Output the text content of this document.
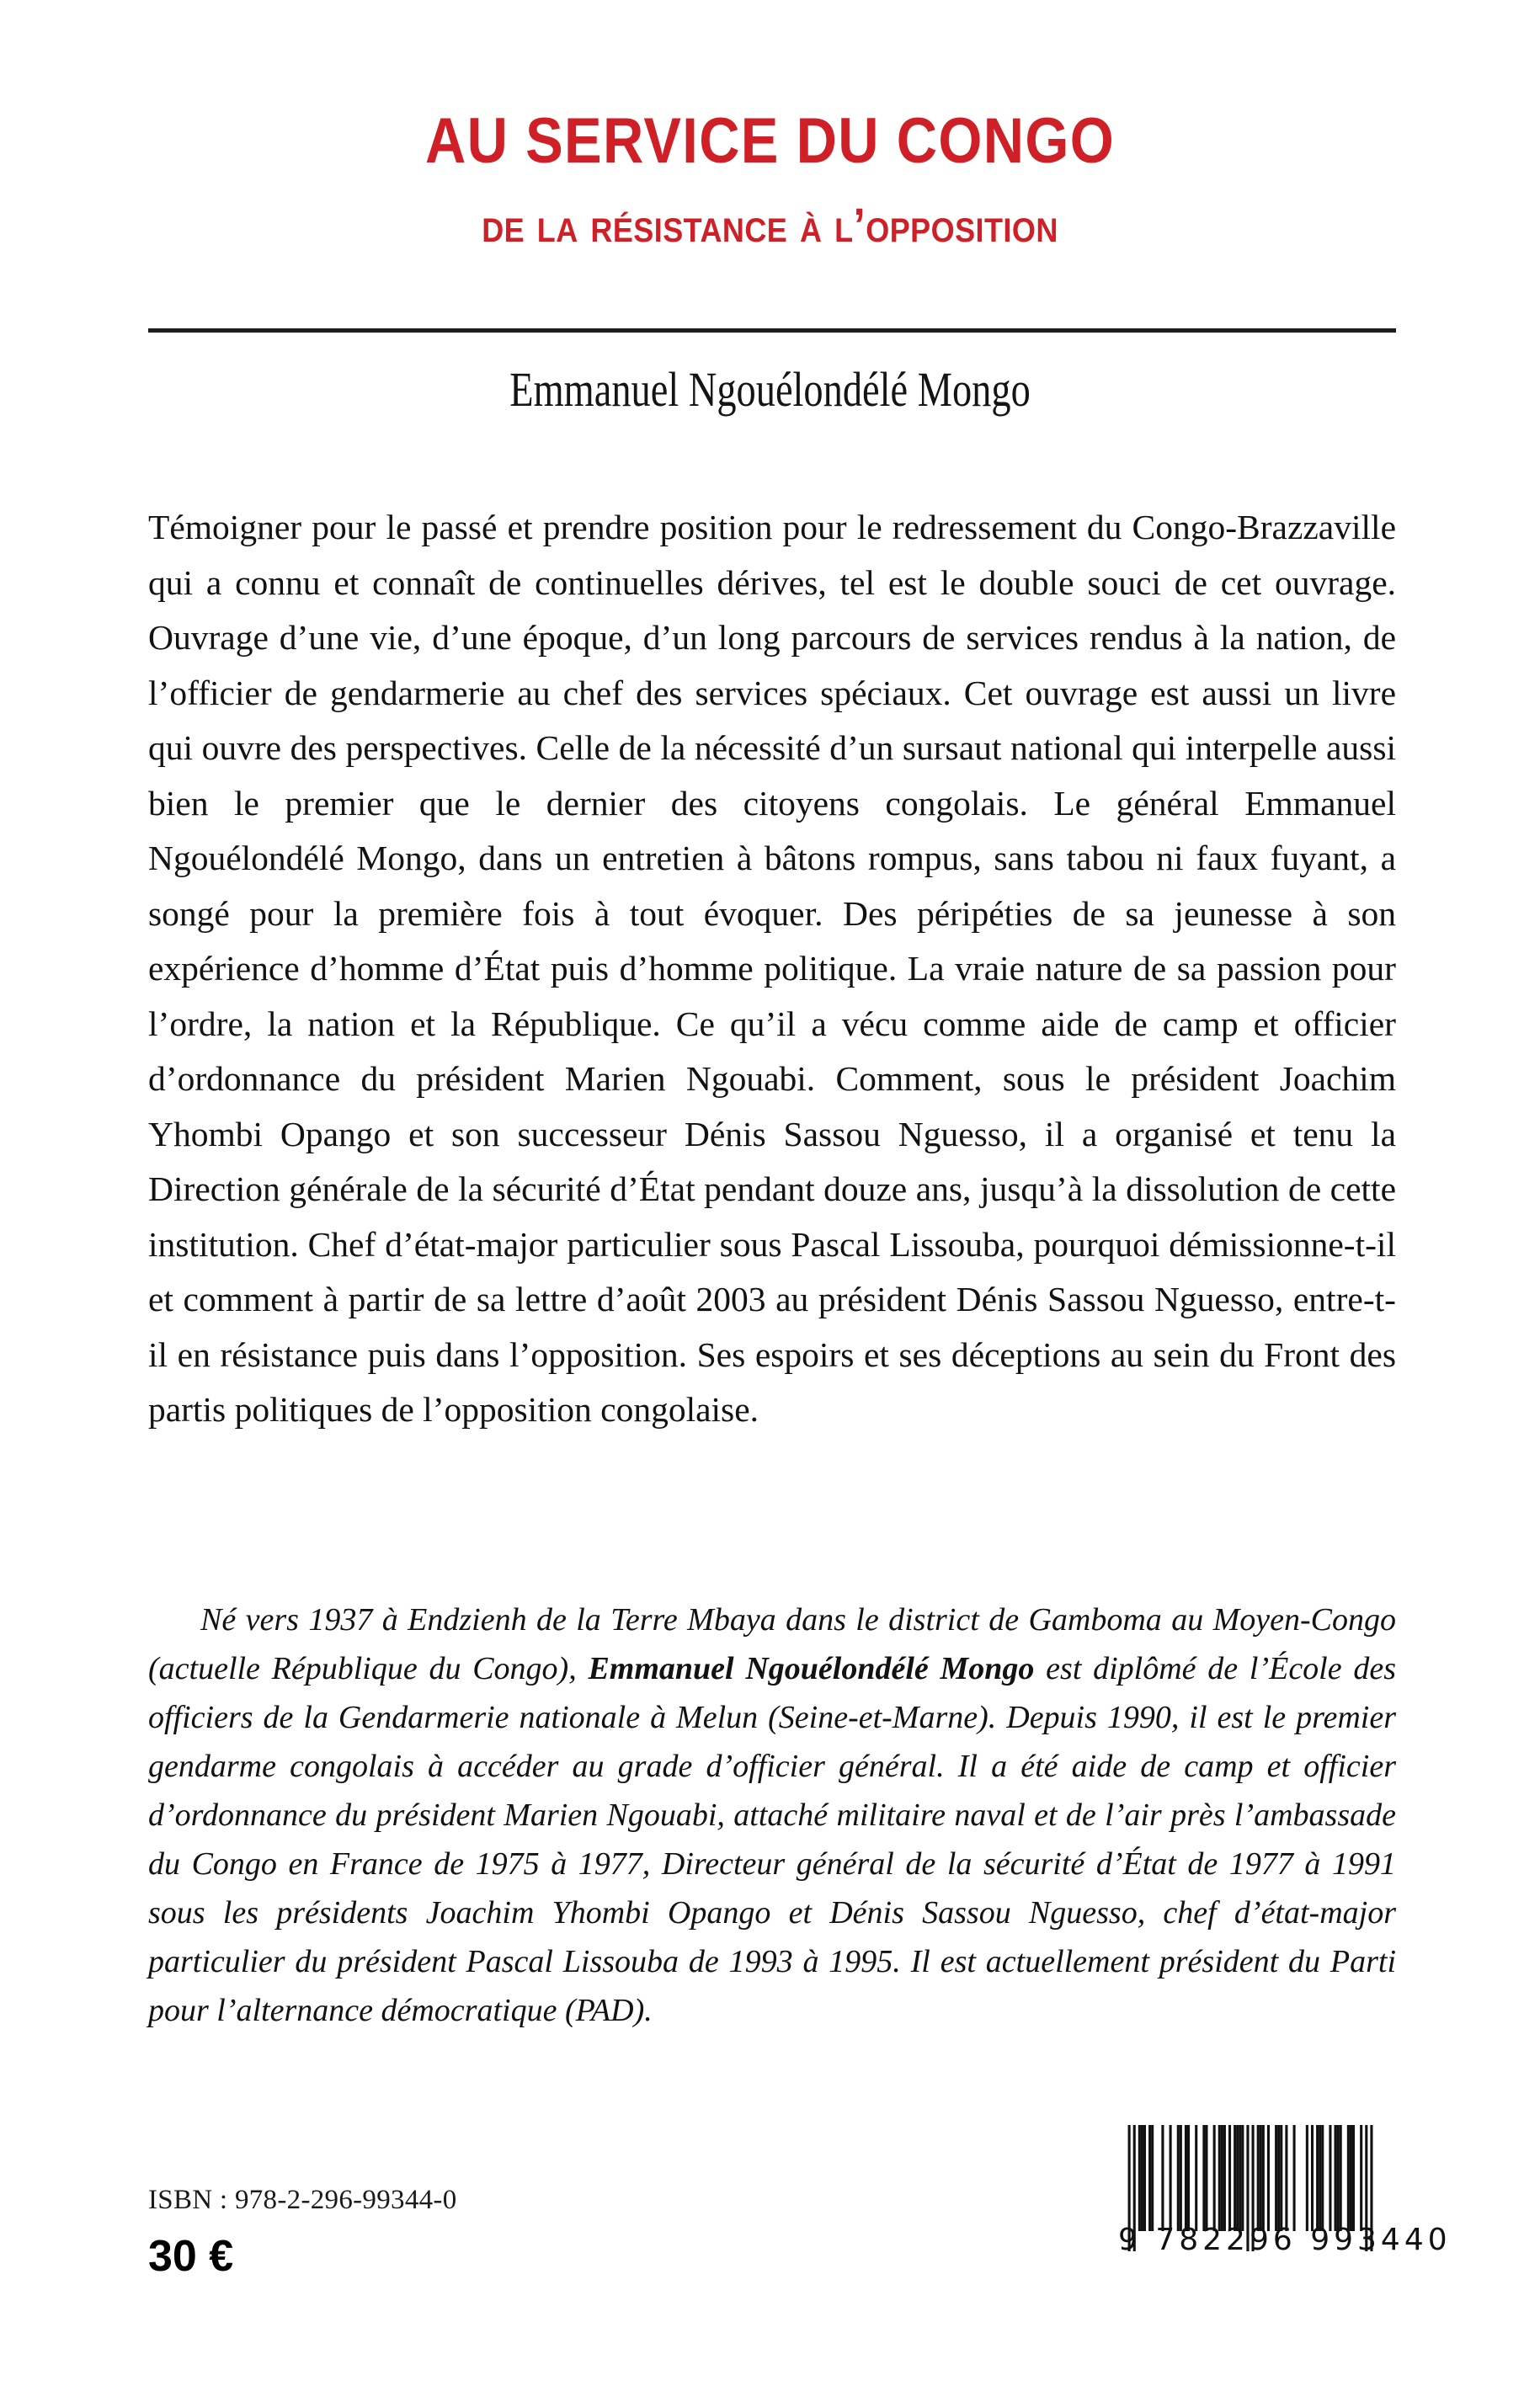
AU SERVICE DU CONGO
de la résistance à l’opposition
Emmanuel Ngouélondélé Mongo
Témoigner pour le passé et prendre position pour le redressement du Congo-Brazzaville qui a connu et connaît de continuelles dérives, tel est le double souci de cet ouvrage. Ouvrage d’une vie, d’une époque, d’un long parcours de services rendus à la nation, de l’officier de gendarmerie au chef des services spéciaux. Cet ouvrage est aussi un livre qui ouvre des perspectives. Celle de la nécessité d’un sursaut national qui interpelle aussi bien le premier que le dernier des citoyens congolais. Le général Emmanuel Ngouélondélé Mongo, dans un entretien à bâtons rompus, sans tabou ni faux fuyant, a songé pour la première fois à tout évoquer. Des péripéties de sa jeunesse à son expérience d’homme d’État puis d’homme politique. La vraie nature de sa passion pour l’ordre, la nation et la République. Ce qu’il a vécu comme aide de camp et officier d’ordonnance du président Marien Ngouabi. Comment, sous le président Joachim Yhombi Opango et son successeur Dénis Sassou Nguesso, il a organisé et tenu la Direction générale de la sécurité d’État pendant douze ans, jusqu’à la dissolution de cette institution. Chef d’état-major particulier sous Pascal Lissouba, pourquoi démissionne-t-il et comment à partir de sa lettre d’août 2003 au président Dénis Sassou Nguesso, entre-t-il en résistance puis dans l’opposition. Ses espoirs et ses déceptions au sein du Front des partis politiques de l’opposition congolaise.
Né vers 1937 à Endzienh de la Terre Mbaya dans le district de Gamboma au Moyen-Congo (actuelle République du Congo), Emmanuel Ngouélondélé Mongo est diplômé de l’École des officiers de la Gendarmerie nationale à Melun (Seine-et-Marne). Depuis 1990, il est le premier gendarme congolais à accéder au grade d’officier général. Il a été aide de camp et officier d’ordonnance du président Marien Ngouabi, attaché militaire naval et de l’air près l’ambassade du Congo en France de 1975 à 1977, Directeur général de la sécurité d’État de 1977 à 1991 sous les présidents Joachim Yhombi Opango et Dénis Sassou Nguesso, chef d’état-major particulier du président Pascal Lissouba de 1993 à 1995. Il est actuellement président du Parti pour l’alternance démocratique (PAD).
ISBN : 978-2-296-99344-0
30 €	9 782296 993440
